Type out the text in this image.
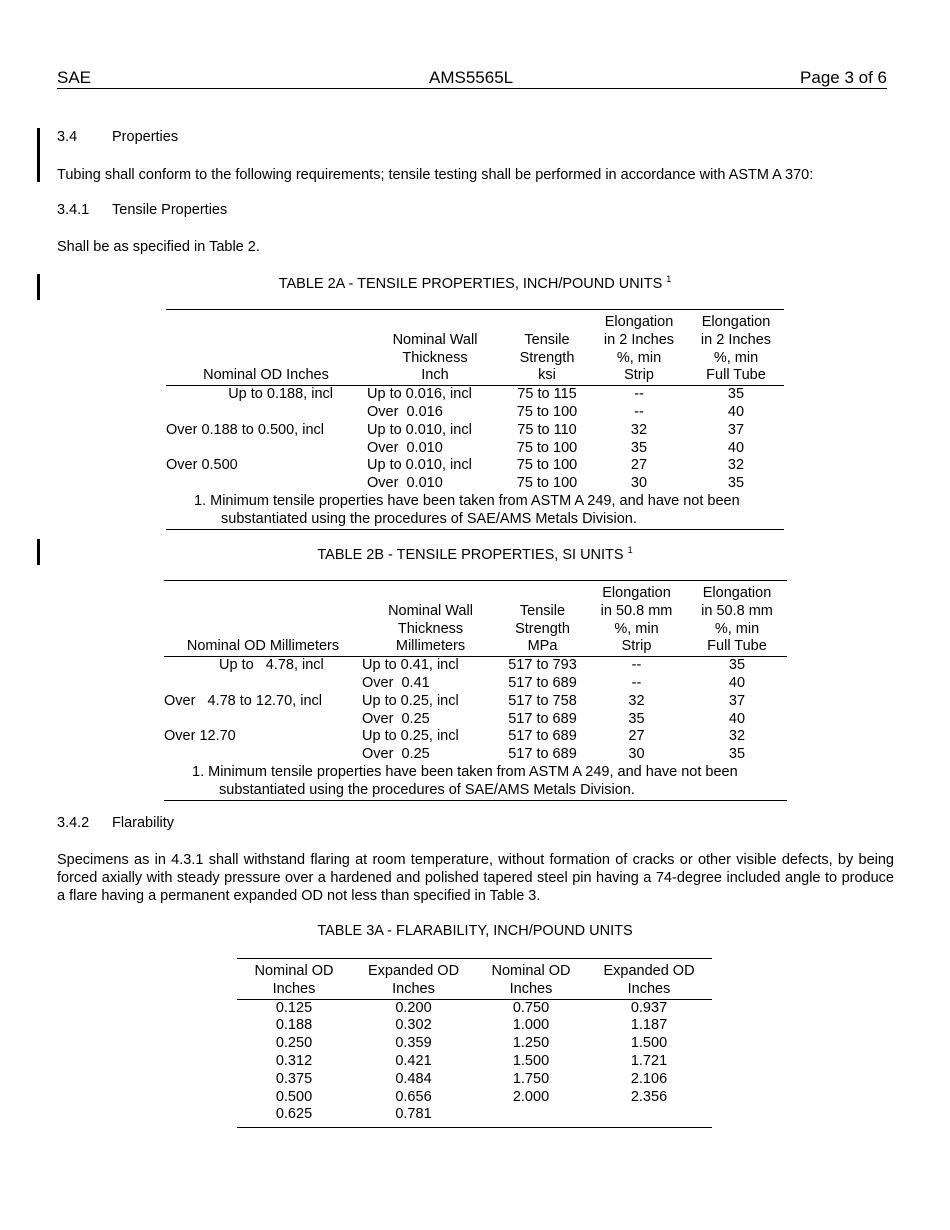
SAE	AMS5565L	Page 3 of 6
3.4 Properties
Tubing shall conform to the following requirements; tensile testing shall be performed in accordance with ASTM A 370:
3.4.1 Tensile Properties
Shall be as specified in Table 2.
TABLE 2A - TENSILE PROPERTIES, INCH/POUND UNITS $^1$

			Elongation	Elongation
	Nominal Wall	Tensile	in 2 Inches	in 2 Inches
	Thickness	Strength	%, min	%, min
Nominal OD Inches	Inch	ksi	Strip	Full Tube
Up to 0.188, incl	Up to 0.016, incl	75 to 115	--	35
	Over  0.016	75 to 100	--	40
Over 0.188 to 0.500, incl	Up to 0.010, incl	75 to 110	32	37
	Over  0.010	75 to 100	35	40
Over 0.500	Up to 0.010, incl	75 to 100	27	32
	Over  0.010	75 to 100	30	35
1. Minimum tensile properties have been taken from ASTM A 249, and have not been
substantiated using the procedures of SAE/AMS Metals Division.				
TABLE 2B - TENSILE PROPERTIES, SI UNITS $^1$

			Elongation	Elongation
	Nominal Wall	Tensile	in 50.8 mm	in 50.8 mm
	Thickness	Strength	%, min	%, min
Nominal OD Millimeters	Millimeters	MPa	Strip	Full Tube
Up to   4.78, incl	Up to 0.41, incl	517 to 793	--	35
	Over  0.41	517 to 689	--	40
Over   4.78 to 12.70, incl	Up to 0.25, incl	517 to 758	32	37
	Over  0.25	517 to 689	35	40
Over 12.70	Up to 0.25, incl	517 to 689	27	32
	Over  0.25	517 to 689	30	35
1. Minimum tensile properties have been taken from ASTM A 249, and have not been
substantiated using the procedures of SAE/AMS Metals Division.				
3.4.2 Flarability
Specimens as in 4.3.1 shall withstand flaring at room temperature, without formation of cracks or other visible defects, by being forced axially with steady pressure over a hardened and polished tapered steel pin having a 74-degree included angle to produce a flare having a permanent expanded OD not less than specified in Table 3.
TABLE 3A - FLARABILITY, INCH/POUND UNITS

Nominal OD	Expanded OD	Nominal OD	Expanded OD
Inches	Inches	Inches	Inches
0.125	0.200	0.750	0.937
0.188	0.302	1.000	1.187
0.250	0.359	1.250	1.500
0.312	0.421	1.500	1.721
0.375	0.484	1.750	2.106
0.500	0.656	2.000	2.356
0.625	0.781		
